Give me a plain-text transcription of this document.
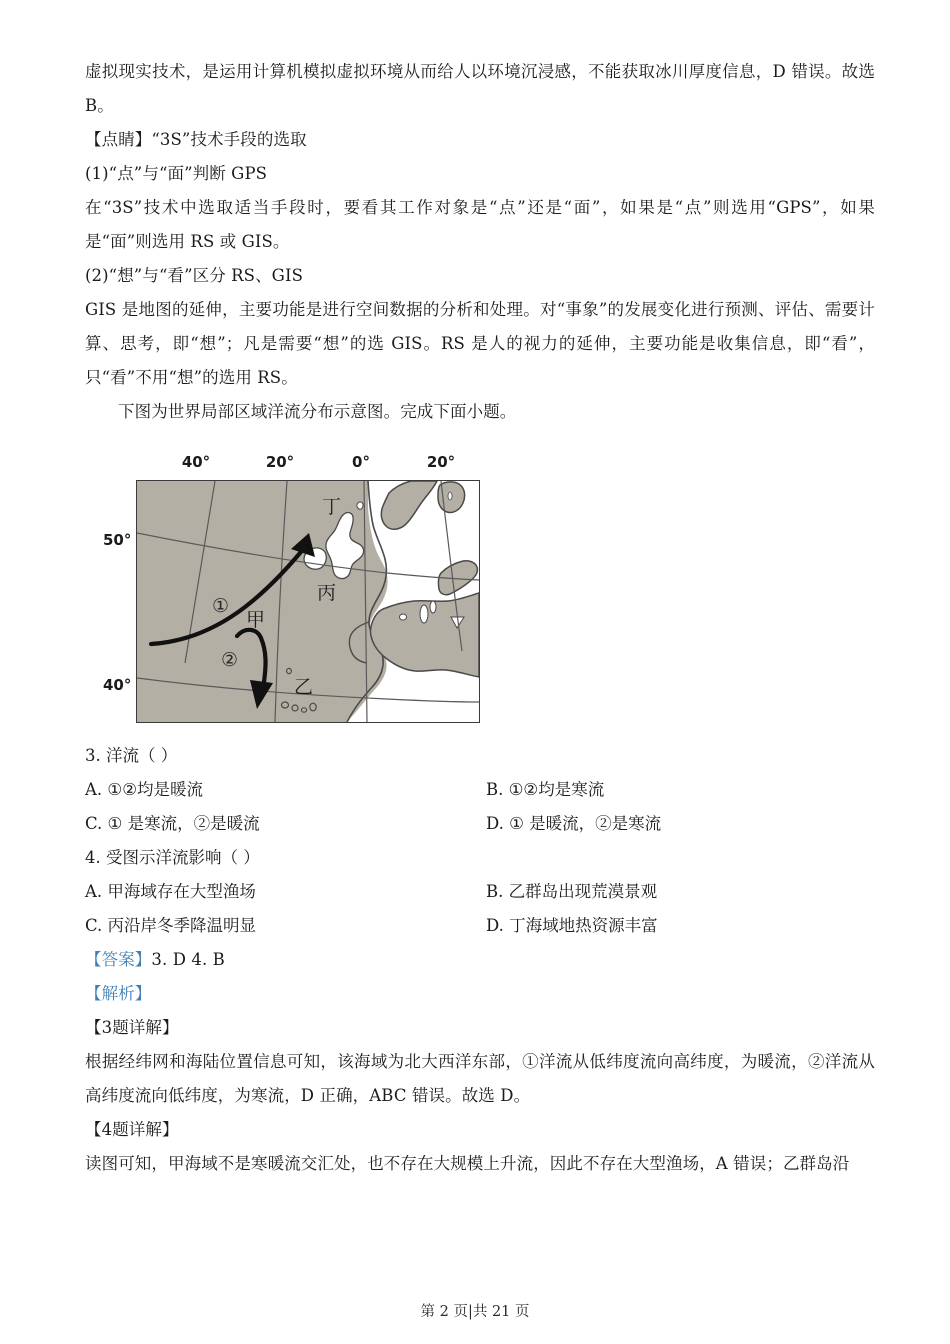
虚拟现实技术，是运用计算机模拟虚拟环境从而给人以环境沉浸感，不能获取冰川厚度信息，D 错误。故选 B。

【点睛】“3S”技术手段的选取

(1)“点”与“面”判断 GPS

在“3S”技术中选取适当手段时，要看其工作对象是“点”还是“面”，如果是“点”则选用“GPS”，如果是“面”则选用 RS 或 GIS。

(2)“想”与“看”区分 RS、GIS

GIS 是地图的延伸，主要功能是进行空间数据的分析和处理。对“事象”的发展变化进行预测、评估、需要计算、思考，即“想”；凡是需要“想”的选 GIS。RS 是人的视力的延伸，主要功能是收集信息，即“看”，只“看”不用“想”的选用 RS。

下图为世界局部区域洋流分布示意图。完成下面小题。

40°	20°	0°	20°
50°
40°
丁
丙
甲
乙
①
②
3. 洋流（ ）
A. ①②均是暖流	B. ①②均是寒流
C. ① 是寒流，②是暖流	D. ① 是暖流，②是寒流
4. 受图示洋流影响（ ）
A. 甲海域存在大型渔场	B. 乙群岛出现荒漠景观
C. 丙沿岸冬季降温明显	D. 丁海域地热资源丰富

【答案】3. D 4. B

【解析】

【3题详解】

根据经纬网和海陆位置信息可知，该海域为北大西洋东部，①洋流从低纬度流向高纬度，为暖流，②洋流从高纬度流向低纬度，为寒流，D 正确，ABC 错误。故选 D。

【4题详解】

读图可知，甲海域不是寒暖流交汇处，也不存在大规模上升流，因此不存在大型渔场，A 错误；乙群岛沿

第 2 页|共 21 页
